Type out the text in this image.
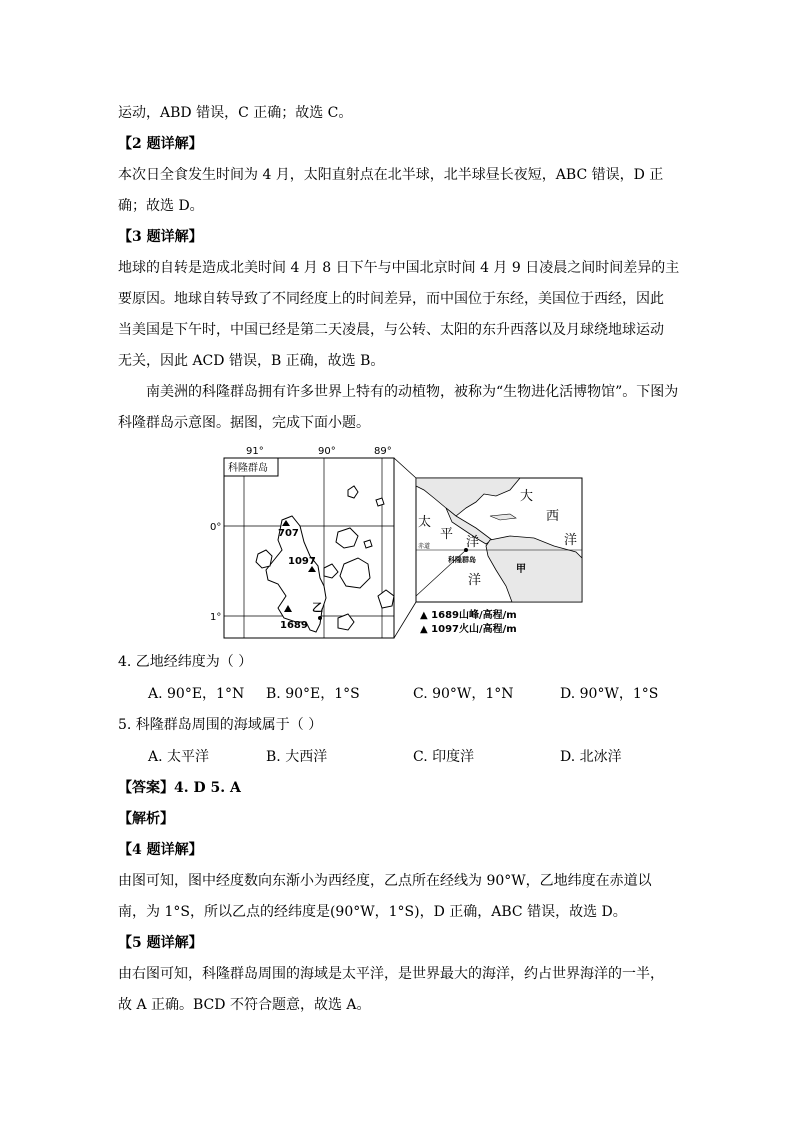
运动，ABD 错误，C 正确；故选 C。
【2 题详解】
本次日全食发生时间为 4 月，太阳直射点在北半球，北半球昼长夜短，ABC 错误，D 正
确；故选 D。
【3 题详解】
地球的自转是造成北美时间 4 月 8 日下午与中国北京时间 4 月 9 日凌晨之间时间差异的主
要原因。地球自转导致了不同经度上的时间差异，而中国位于东经，美国位于西经，因此
当美国是下午时，中国已经是第二天凌晨，与公转、太阳的东升西落以及月球绕地球运动
无关，因此 ACD 错误，B 正确，故选 B。
南美洲的科隆群岛拥有许多世界上特有的动植物，被称为“生物进化活博物馆”。下图为
科隆群岛示意图。据图，完成下面小题。
科隆群岛
91°	90°	89°
0°
1°
707
1097
1689
乙
太
平
洋
大
西
洋
赤道
科隆群岛
洋
甲
▲ 1689山峰/高程/m
▲ 1097火山/高程/m
4. 乙地经纬度为（ ）
A. 90°E，1°N B. 90°E，1°S	C. 90°W，1°N	D. 90°W，1°S
5. 科隆群岛周围的海域属于（ ）
A. 太平洋	B. 大西洋	C. 印度洋	D. 北冰洋
【答案】4. D 5. A
【解析】
【4 题详解】
由图可知，图中经度数向东渐小为西经度，乙点所在经线为 90°W，乙地纬度在赤道以
南，为 1°S，所以乙点的经纬度是(90°W，1°S)，D 正确，ABC 错误，故选 D。
【5 题详解】
由右图可知，科隆群岛周围的海域是太平洋，是世界最大的海洋，约占世界海洋的一半，
故 A 正确。BCD 不符合题意，故选 A。
